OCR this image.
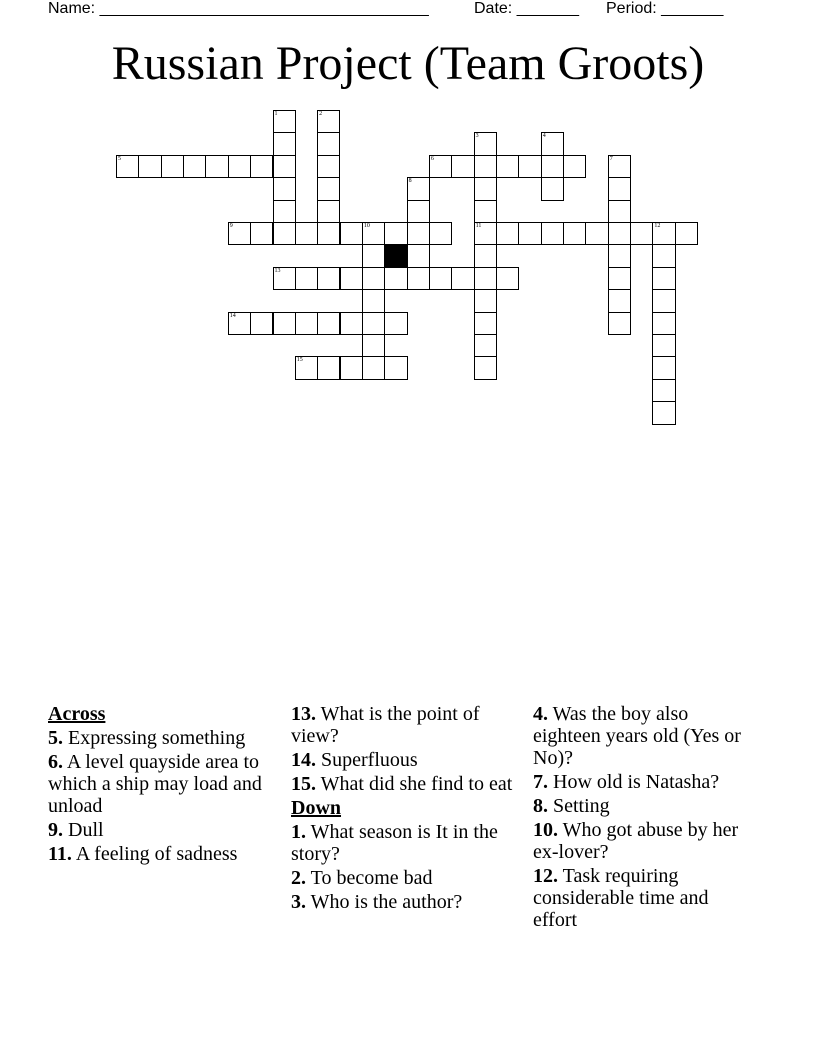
Name: _____________________________________	Date: _______ Period: _______
Russian Project (Team Groots)
1	2
3	4
5	6	7
8
9	10	11	12
13
14
15
Across
5. Expressing something
6. A level quayside area to which a ship may load and unload
9. Dull
11. A feeling of sadness
13. What is the point of view?
14. Superfluous
15. What did she find to eat
Down
1. What season is It in the story?
2. To become bad
3. Who is the author?
4. Was the boy also eighteen years old (Yes or No)?
7. How old is Natasha?
8. Setting
10. Who got abuse by her ex-lover?
12. Task requiring considerable time and effort
